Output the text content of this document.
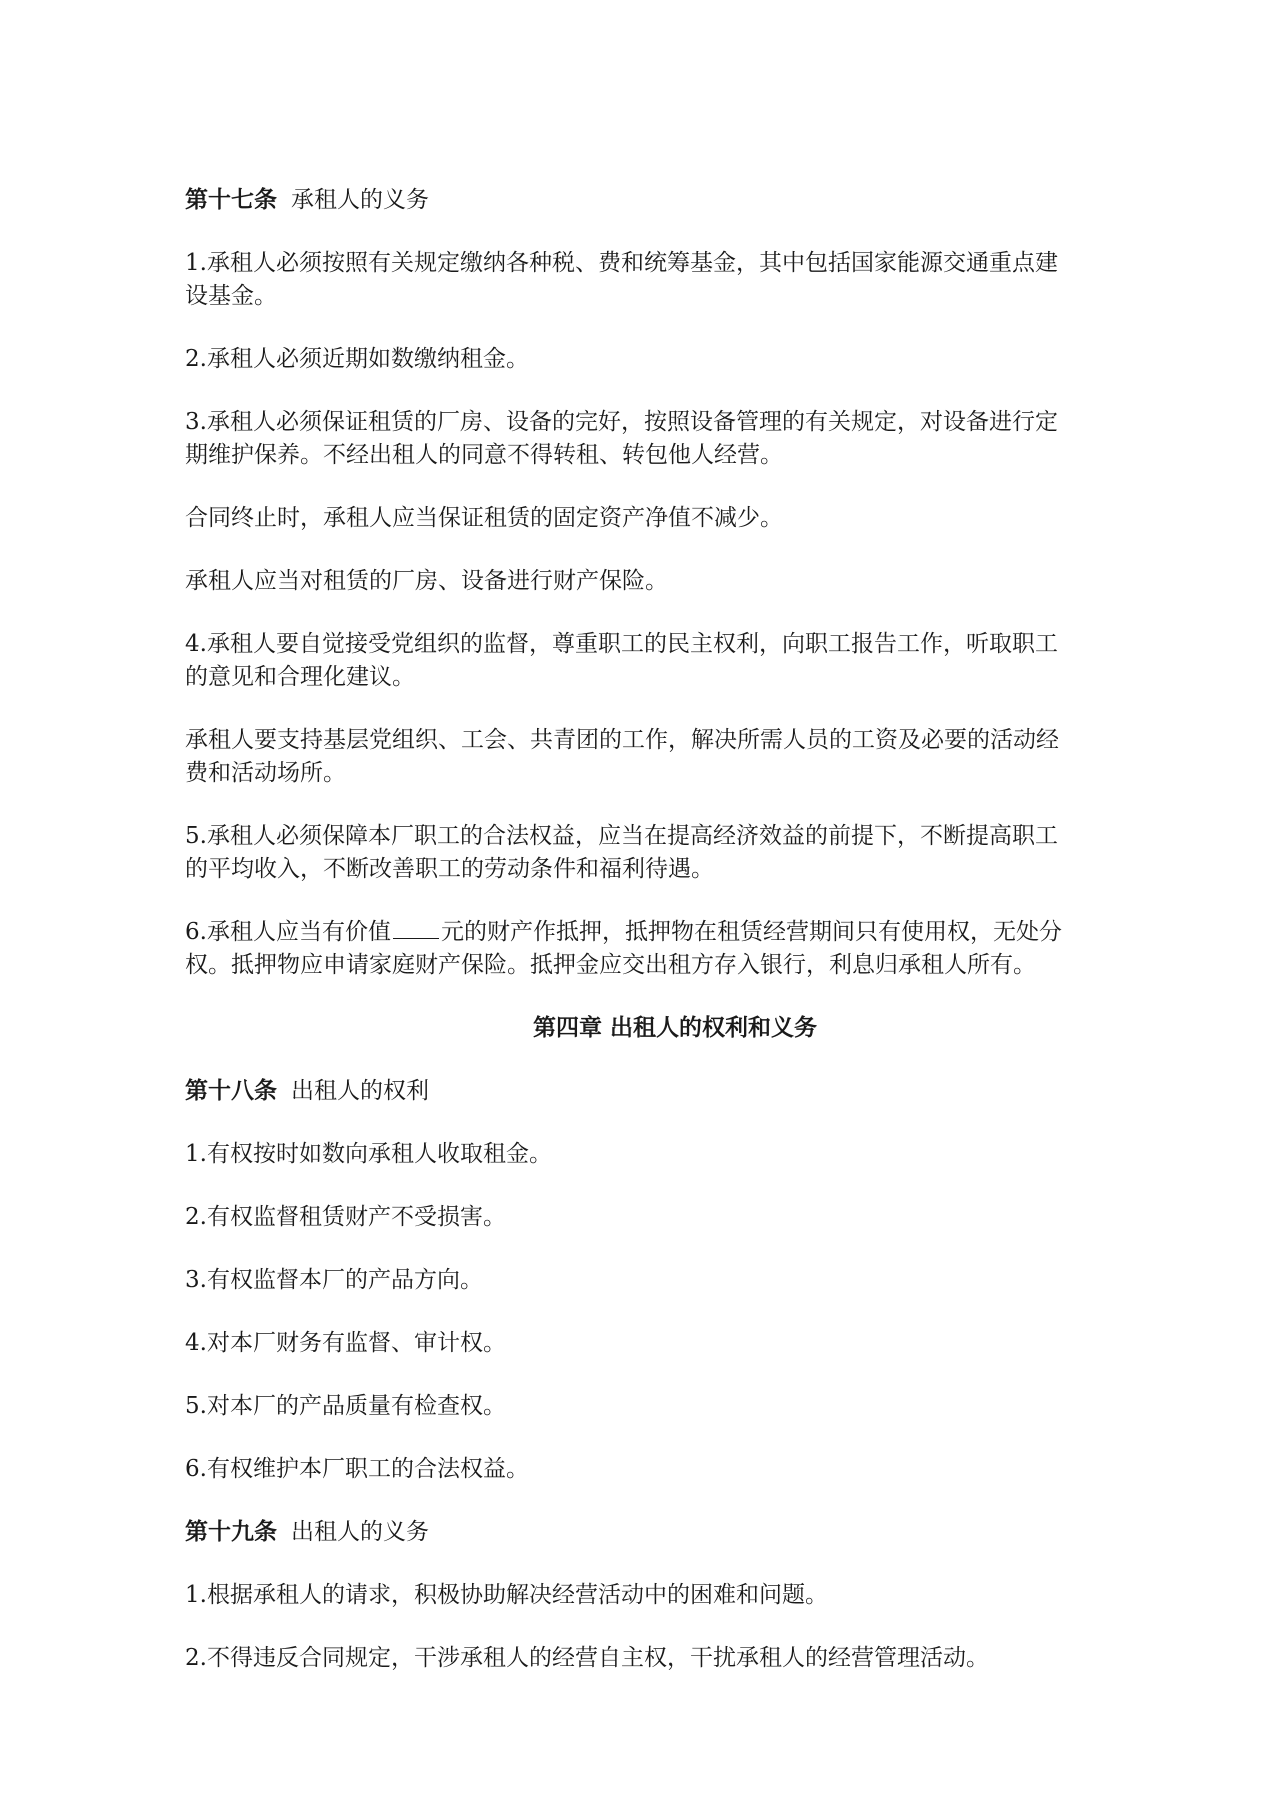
第十七条 承租人的义务
1.承租人必须按照有关规定缴纳各种税、费和统筹基金，其中包括国家能源交通重点建
设基金。
2.承租人必须近期如数缴纳租金。
3.承租人必须保证租赁的厂房、设备的完好，按照设备管理的有关规定，对设备进行定
期维护保养。不经出租人的同意不得转租、转包他人经营。
合同终止时，承租人应当保证租赁的固定资产净值不减少。
承租人应当对租赁的厂房、设备进行财产保险。
4.承租人要自觉接受党组织的监督，尊重职工的民主权利，向职工报告工作，听取职工
的意见和合理化建议。
承租人要支持基层党组织、工会、共青团的工作，解决所需人员的工资及必要的活动经
费和活动场所。
5.承租人必须保障本厂职工的合法权益，应当在提高经济效益的前提下，不断提高职工
的平均收入，不断改善职工的劳动条件和福利待遇。
6.承租人应当有价值 元的财产作抵押，抵押物在租赁经营期间只有使用权，无处分
权。抵押物应申请家庭财产保险。抵押金应交出租方存入银行，利息归承租人所有。
第四章 出租人的权利和义务
第十八条 出租人的权利
1.有权按时如数向承租人收取租金。
2.有权监督租赁财产不受损害。
3.有权监督本厂的产品方向。
4.对本厂财务有监督、审计权。
5.对本厂的产品质量有检查权。
6.有权维护本厂职工的合法权益。
第十九条 出租人的义务
1.根据承租人的请求，积极协助解决经营活动中的困难和问题。
2.不得违反合同规定，干涉承租人的经营自主权，干扰承租人的经营管理活动。
